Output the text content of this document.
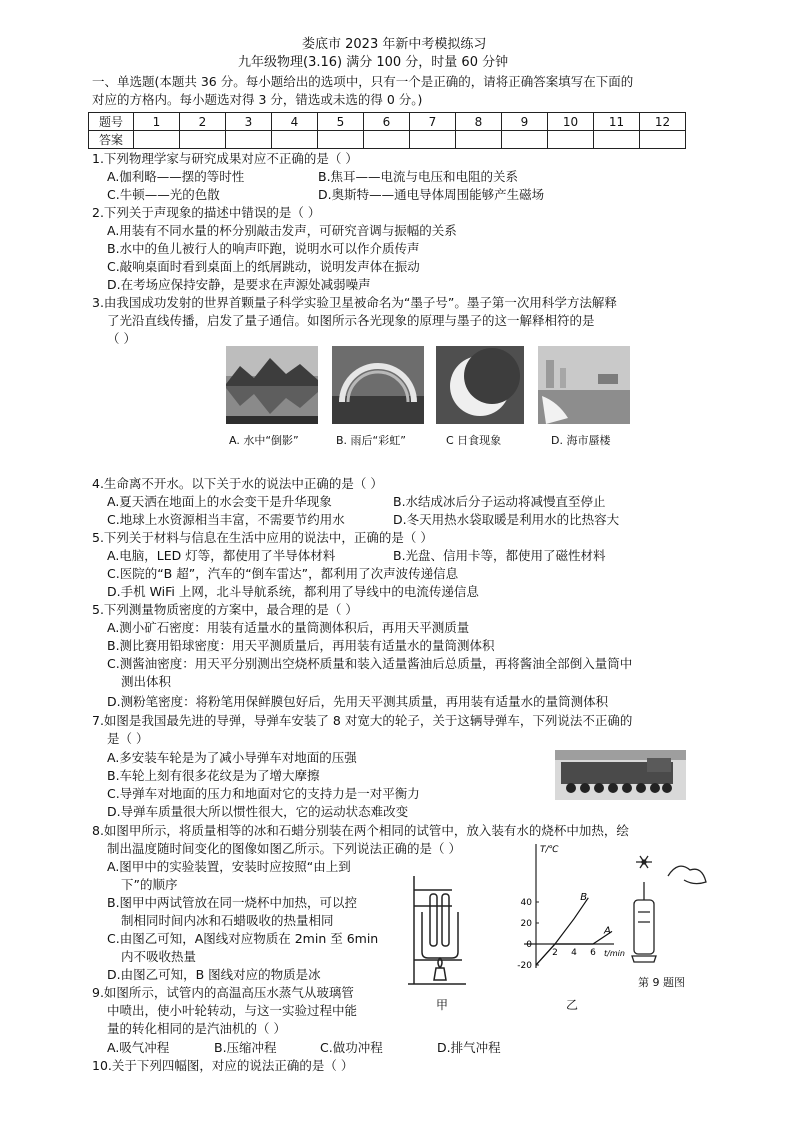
娄底市 2023 年新中考模拟练习
九年级物理(3.16) 满分 100 分，时量 60 分钟
一、单选题(本题共 36 分。每小题给出的选项中，只有一个是正确的，请将正确答案填写在下面的
对应的方格内。每小题选对得 3 分，错选或未选的得 0 分。)
题号	1	2	3	4	5	6	7	8	9	10	11	12
答案												
1.下列物理学家与研究成果对应不正确的是（ ）
A.伽利略——摆的等时性	B.焦耳——电流与电压和电阻的关系
C.牛顿——光的色散	D.奥斯特——通电导体周围能够产生磁场
2.下列关于声现象的描述中错误的是（ ）
A.用装有不同水量的杯分别敲击发声，可研究音调与振幅的关系
B.水中的鱼儿被行人的响声吓跑，说明水可以作介质传声
C.敲响桌面时看到桌面上的纸屑跳动，说明发声体在振动
D.在考场应保持安静，是要求在声源处减弱噪声
3.由我国成功发射的世界首颗量子科学实验卫星被命名为“墨子号”。墨子第一次用科学方法解释
了光沿直线传播，启发了量子通信。如图所示各光现象的原理与墨子的这一解释相符的是
（ ）
A. 水中“倒影”	B. 雨后“彩虹”	C 日食现象	D. 海市蜃楼
4.生命离不开水。以下关于水的说法中正确的是（ ）
A.夏天洒在地面上的水会变干是升华现象	B.水结成冰后分子运动将减慢直至停止
C.地球上水资源相当丰富，不需要节约用水	D.冬天用热水袋取暖是利用水的比热容大
5.下列关于材料与信息在生活中应用的说法中，正确的是（ ）
A.电脑，LED 灯等，都使用了半导体材料	B.光盘、信用卡等，都使用了磁性材料
C.医院的“B 超”，汽车的“倒车雷达”，都利用了次声波传递信息
D.手机 WiFi 上网，北斗导航系统，都利用了导线中的电流传递信息
5.下列测量物质密度的方案中，最合理的是（ ）
A.测小矿石密度：用装有适量水的量筒测体积后，再用天平测质量
B.测比赛用铅球密度：用天平测质量后，再用装有适量水的量筒测体积
C.测酱油密度：用天平分别测出空烧杯质量和装入适量酱油后总质量，再将酱油全部倒入量筒中
测出体积
D.测粉笔密度：将粉笔用保鲜膜包好后，先用天平测其质量，再用装有适量水的量筒测体积
7.如图是我国最先进的导弹，导弹车安装了 8 对宽大的轮子，关于这辆导弹车，下列说法不正确的
是（ ）
A.多安装车轮是为了减小导弹车对地面的压强
B.车轮上刻有很多花纹是为了增大摩擦
C.导弹车对地面的压力和地面对它的支持力是一对平衡力
D.导弹车质量很大所以惯性很大，它的运动状态难改变
8.如图甲所示，将质量相等的冰和石蜡分别装在两个相同的试管中，放入装有水的烧杯中加热，绘
制出温度随时间变化的图像如图乙所示。下列说法正确的是（ ）
A.图甲中的实验装置，安装时应按照“由上到
下”的顺序
B.图甲中两试管放在同一烧杯中加热，可以控
制相同时间内冰和石蜡吸收的热量相同
C.由图乙可知，A图线对应物质在 2min 至 6min
内不吸收热量
D.由图乙可知，B 图线对应的物质是冰
甲
40
20
0
-20
2 4 6
T/℃
t/min
A
B
乙
第 9 题图
9.如图所示，试管内的高温高压水蒸气从玻璃管
中喷出，使小叶轮转动，与这一实验过程中能
量的转化相同的是汽油机的（ ）
A.吸气冲程	B.压缩冲程	C.做功冲程	D.排气冲程
10.关于下列四幅图，对应的说法正确的是（ ）
